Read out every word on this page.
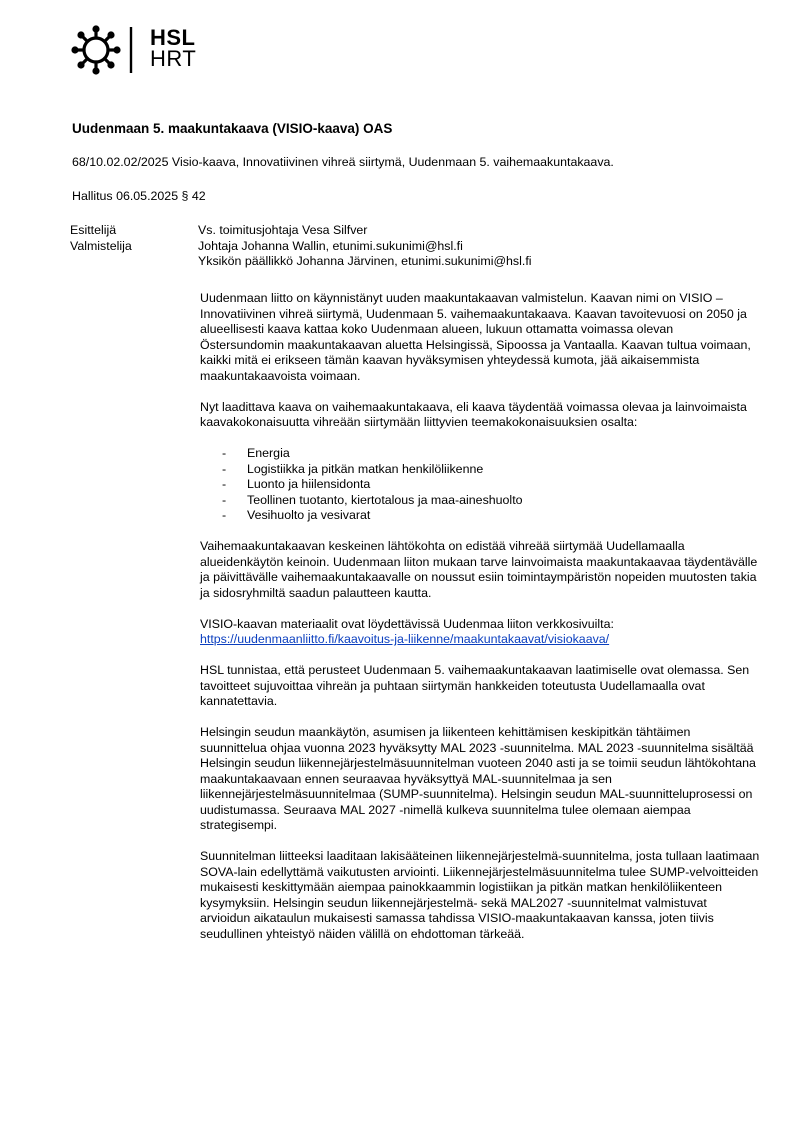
HSL
HRT
Uudenmaan 5. maakuntakaava (VISIO-kaava) OAS
68/10.02.02/2025 Visio-kaava, Innovatiivinen vihreä siirtymä, Uudenmaan 5. vaihemaakuntakaava.
Hallitus 06.05.2025 § 42
Esittelijä	Vs. toimitusjohtaja Vesa Silfver
Valmistelija	Johtaja Johanna Wallin, etunimi.sukunimi@hsl.fi
Yksikön päällikkö Johanna Järvinen, etunimi.sukunimi@hsl.fi

Uudenmaan liitto on käynnistänyt uuden maakuntakaavan valmistelun. Kaavan nimi on VISIO – Innovatiivinen vihreä siirtymä, Uudenmaan 5. vaihemaakuntakaava. Kaavan tavoitevuosi on 2050 ja alueellisesti kaava kattaa koko Uudenmaan alueen, lukuun ottamatta voimassa olevan Östersundomin maakuntakaavan aluetta Helsingissä, Sipoossa ja Vantaalla. Kaavan tultua voimaan, kaikki mitä ei erikseen tämän kaavan hyväksymisen yhteydessä kumota, jää aikaisemmista maakuntakaavoista voimaan.

Nyt laadittava kaava on vaihemaakuntakaava, eli kaava täydentää voimassa olevaa ja lainvoimaista kaavakokonaisuutta vihreään siirtymään liittyvien teemakokonaisuuksien osalta:

-	Energia
-	Logistiikka ja pitkän matkan henkilöliikenne
-	Luonto ja hiilensidonta
-	Teollinen tuotanto, kiertotalous ja maa-aineshuolto
-	Vesihuolto ja vesivarat

Vaihemaakuntakaavan keskeinen lähtökohta on edistää vihreää siirtymää Uudellamaalla alueidenkäytön keinoin. Uudenmaan liiton mukaan tarve lainvoimaista maakuntakaavaa täydentävälle ja päivittävälle vaihemaakuntakaavalle on noussut esiin toimintaympäristön nopeiden muutosten takia ja sidosryhmiltä saadun palautteen kautta.

VISIO-kaavan materiaalit ovat löydettävissä Uudenmaa liiton verkkosivuilta:
https://uudenmaanliitto.fi/kaavoitus-ja-liikenne/maakuntakaavat/visiokaava/

HSL tunnistaa, että perusteet Uudenmaan 5. vaihemaakuntakaavan laatimiselle ovat olemassa. Sen tavoitteet sujuvoittaa vihreän ja puhtaan siirtymän hankkeiden toteutusta Uudellamaalla ovat kannatettavia.

Helsingin seudun maankäytön, asumisen ja liikenteen kehittämisen keskipitkän tähtäimen suunnittelua ohjaa vuonna 2023 hyväksytty MAL 2023 -suunnitelma. MAL 2023 -suunnitelma sisältää Helsingin seudun liikennejärjestelmäsuunnitelman vuoteen 2040 asti ja se toimii seudun lähtökohtana maakuntakaavaan ennen seuraavaa hyväksyttyä MAL-suunnitelmaa ja sen liikennejärjestelmäsuunnitelmaa (SUMP-suunnitelma). Helsingin seudun MAL-suunnitteluprosessi on uudistumassa. Seuraava MAL 2027 -nimellä kulkeva suunnitelma tulee olemaan aiempaa strategisempi.

Suunnitelman liitteeksi laaditaan lakisääteinen liikennejärjestelmä-suunnitelma, josta tullaan laatimaan SOVA-lain edellyttämä vaikutusten arviointi. Liikennejärjestelmäsuunnitelma tulee SUMP-velvoitteiden mukaisesti keskittymään aiempaa painokkaammin logistiikan ja pitkän matkan henkilöliikenteen kysymyksiin. Helsingin seudun liikennejärjestelmä- sekä MAL2027 -suunnitelmat valmistuvat arvioidun aikataulun mukaisesti samassa tahdissa VISIO-maakuntakaavan kanssa, joten tiivis seudullinen yhteistyö näiden välillä on ehdottoman tärkeää.
